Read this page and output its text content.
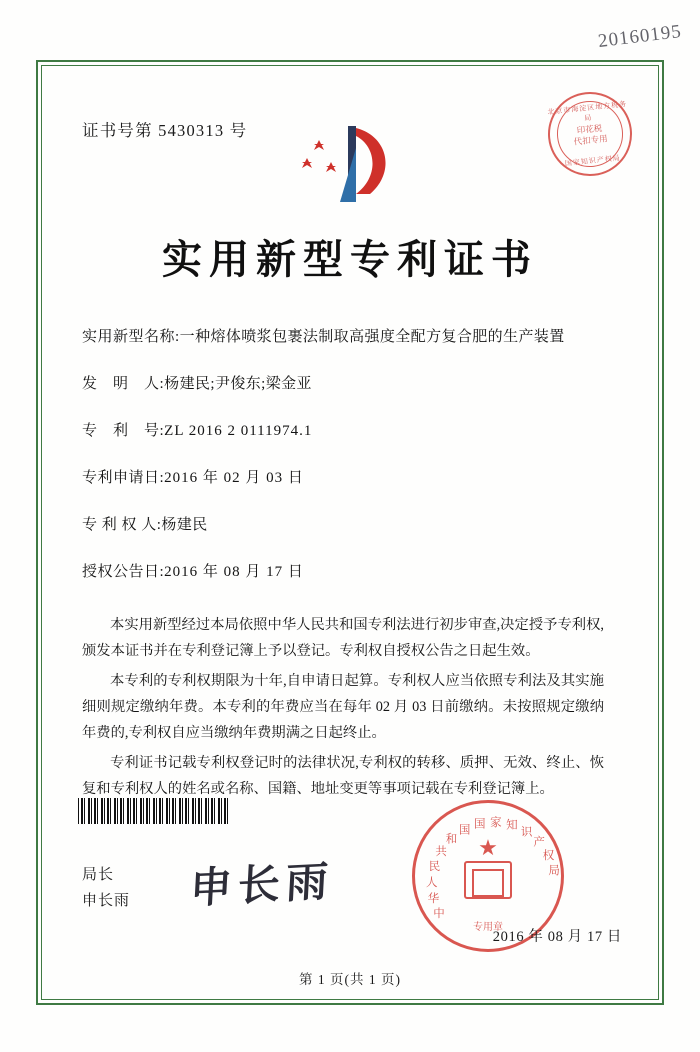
20160195
证书号第 5430313 号
北京市海淀区地方税务局
印花税
代扣专用
国家知识产权局
实用新型专利证书
实用新型名称: 一种熔体喷浆包裹法制取高强度全配方复合肥的生产装置
发　明　人: 杨建民;尹俊东;梁金亚
专　利　号: ZL 2016 2 0111974.1
专利申请日: 2016 年 02 月 03 日
专 利 权 人: 杨建民
授权公告日: 2016 年 08 月 17 日

本实用新型经过本局依照中华人民共和国专利法进行初步审查,决定授予专利权,颁发本证书并在专利登记簿上予以登记。专利权自授权公告之日起生效。

本专利的专利权期限为十年,自申请日起算。专利权人应当依照专利法及其实施细则规定缴纳年费。本专利的年费应当在每年 02 月 03 日前缴纳。未按照规定缴纳年费的,专利权自应当缴纳年费期满之日起终止。

专利证书记载专利权登记时的法律状况,专利权的转移、质押、无效、终止、恢复和专利权人的姓名或名称、国籍、地址变更等事项记载在专利登记簿上。

★
中
华
人
民
共
和
国 国 家 知
识
产
权
局
专用章
局长
申长雨 申长雨
2016 年 08 月 17 日
第 1 页(共 1 页)
